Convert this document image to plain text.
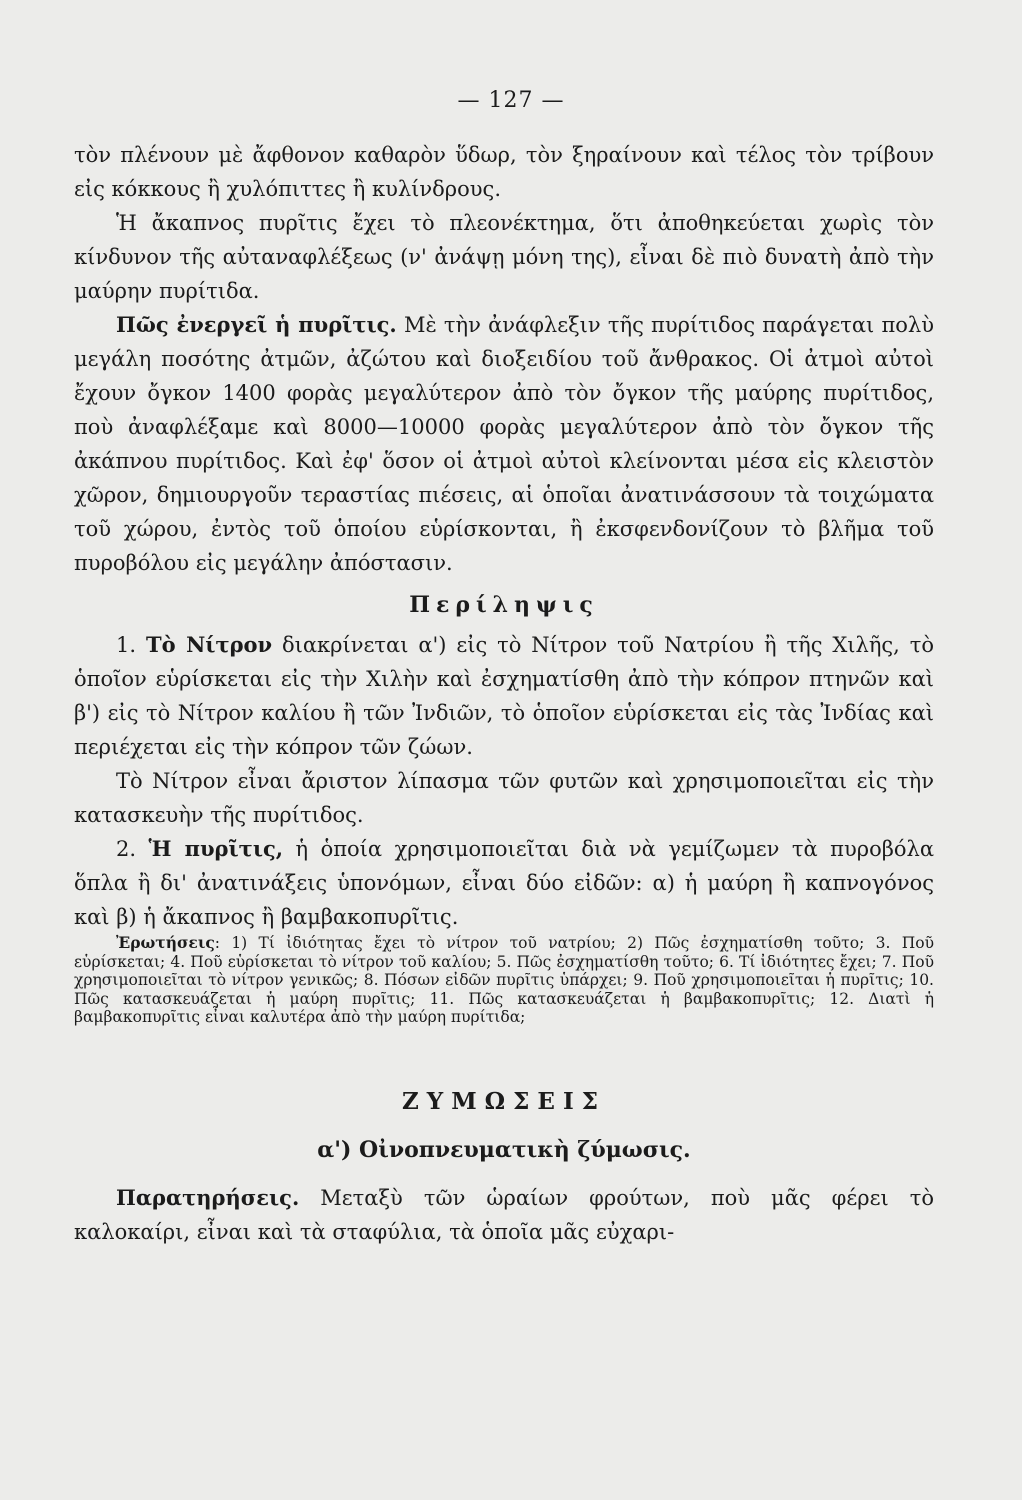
— 127 —

τὸν πλένουν μὲ ἄφθονον καθαρὸν ὕδωρ, τὸν ξηραίνουν καὶ τέλος τὸν τρίβουν εἰς κόκκους ἢ χυλόπιττες ἢ κυλίνδρους.

Ἡ ἄκαπνος πυρῖτις ἔχει τὸ πλεονέκτημα, ὅτι ἀποθηκεύεται χωρὶς τὸν κίνδυνον τῆς αὐταναφλέξεως (ν' ἀνάψῃ μόνη της), εἶναι δὲ πιὸ δυνατὴ ἀπὸ τὴν μαύρην πυρίτιδα.

Πῶς ἐνεργεῖ ἡ πυρῖτις. Μὲ τὴν ἀνάφλεξιν τῆς πυρίτιδος παράγεται πολὺ μεγάλη ποσότης ἀτμῶν, ἀζώτου καὶ διοξειδίου τοῦ ἄνθρακος. Οἱ ἀτμοὶ αὐτοὶ ἔχουν ὄγκον 1400 φορὰς μεγαλύτερον ἀπὸ τὸν ὄγκον τῆς μαύρης πυρίτιδος, ποὺ ἀναφλέξαμε καὶ 8000—10000 φορὰς μεγαλύτερον ἀπὸ τὸν ὄγκον τῆς ἀκάπνου πυρίτιδος. Καὶ ἐφ' ὅσον οἱ ἀτμοὶ αὐτοὶ κλείνονται μέσα εἰς κλειστὸν χῶρον, δημιουργοῦν τεραστίας πιέσεις, αἱ ὁποῖαι ἀνατινάσσουν τὰ τοιχώματα τοῦ χώρου, ἐντὸς τοῦ ὁποίου εὑρίσκονται, ἢ ἐκσφενδονίζουν τὸ βλῆμα τοῦ πυροβόλου εἰς μεγάλην ἀπόστασιν.

Περίληψις

1. Τὸ Νίτρον διακρίνεται α') εἰς τὸ Νίτρον τοῦ Νατρίου ἢ τῆς Χιλῆς, τὸ ὁποῖον εὑρίσκεται εἰς τὴν Χιλὴν καὶ ἐσχηματίσθη ἀπὸ τὴν κόπρον πτηνῶν καὶ β') εἰς τὸ Νίτρον καλίου ἢ τῶν Ἰνδιῶν, τὸ ὁποῖον εὑρίσκεται εἰς τὰς Ἰνδίας καὶ περιέχεται εἰς τὴν κόπρον τῶν ζώων.

Τὸ Νίτρον εἶναι ἄριστον λίπασμα τῶν φυτῶν καὶ χρησιμοποιεῖται εἰς τὴν κατασκευὴν τῆς πυρίτιδος.

2. Ἡ πυρῖτις, ἡ ὁποία χρησιμοποιεῖται διὰ νὰ γεμίζωμεν τὰ πυροβόλα ὅπλα ἢ δι' ἀνατινάξεις ὑπονόμων, εἶναι δύο εἰδῶν: α) ἡ μαύρη ἢ καπνογόνος καὶ β) ἡ ἄκαπνος ἢ βαμβακοπυρῖτις.

Ἐρωτήσεις: 1) Τί ἰδιότητας ἔχει τὸ νίτρον τοῦ νατρίου; 2) Πῶς ἐσχηματίσθη τοῦτο; 3. Ποῦ εὑρίσκεται; 4. Ποῦ εὑρίσκεται τὸ νίτρον τοῦ καλίου; 5. Πῶς ἐσχηματίσθη τοῦτο; 6. Τί ἰδιότητες ἔχει; 7. Ποῦ χρησιμοποιεῖται τὸ νίτρον γενικῶς; 8. Πόσων εἰδῶν πυρῖτις ὑπάρχει; 9. Ποῦ χρησιμοποιεῖται ἡ πυρῖτις; 10. Πῶς κατασκευάζεται ἡ μαύρη πυρῖτις; 11. Πῶς κατασκευάζεται ἡ βαμβακοπυρῖτις; 12. Διατὶ ἡ βαμβακοπυρῖτις εἶναι καλυτέρα ἀπὸ τὴν μαύρη πυρίτιδα;

ΖΥΜΩΣΕΙΣ
α') Οἰνοπνευματικὴ ζύμωσις.

Παρατηρήσεις. Μεταξὺ τῶν ὡραίων φρούτων, ποὺ μᾶς φέρει τὸ καλοκαίρι, εἶναι καὶ τὰ σταφύλια, τὰ ὁποῖα μᾶς εὐχαρι-
